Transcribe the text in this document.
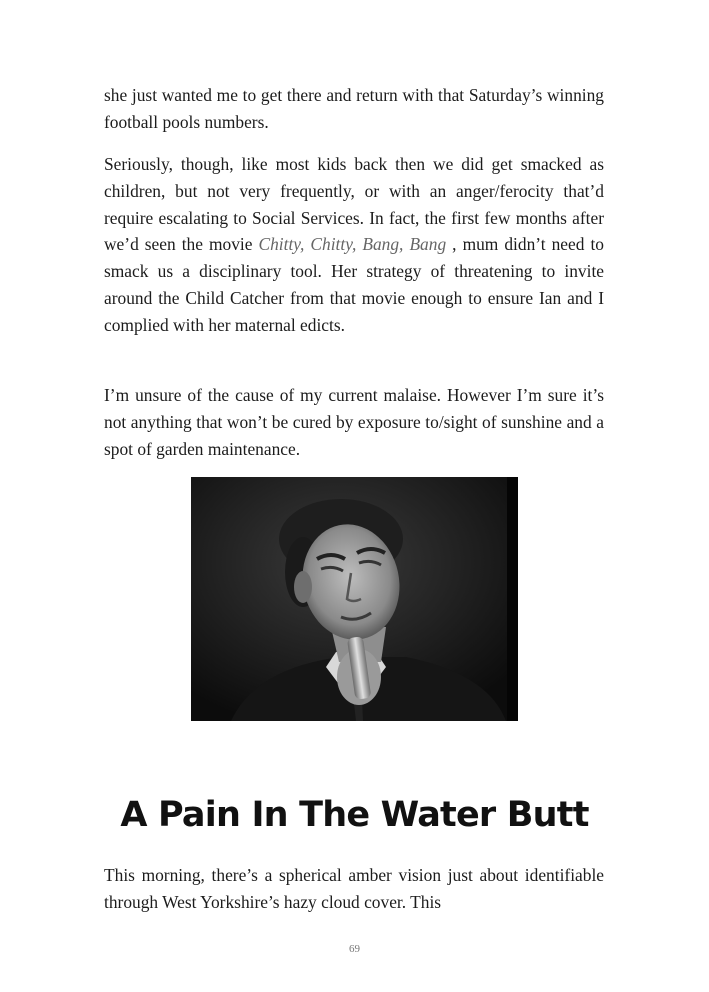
she just wanted me to get there and return with that Saturday’s winning football pools numbers.

Seriously, though, like most kids back then we did get smacked as children, but not very frequently, or with an anger/ferocity that’d require escalating to Social Services. In fact, the first few months after we’d seen the movie Chitty, Chitty, Bang, Bang , mum didn’t need to smack us a disciplinary tool. Her strategy of threatening to invite around the Child Catcher from that movie enough to ensure Ian and I complied with her maternal edicts.

I’m unsure of the cause of my current malaise. However I’m sure it’s not anything that won’t be cured by exposure to/sight of sunshine and a spot of garden maintenance.

A Pain In The Water Butt

This morning, there’s a spherical amber vision just about identifiable through West Yorkshire’s hazy cloud cover. This

69
